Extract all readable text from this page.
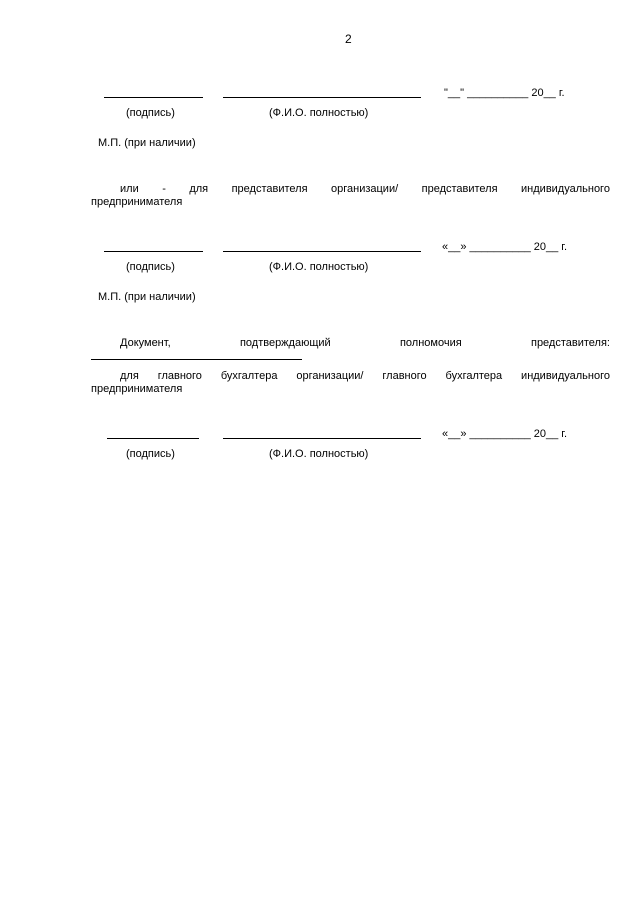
2
"__" __________ 20__ г.
(подпись)	(Ф.И.О. полностью)
М.П. (при наличии)
или - для представителя организации/ представителя индивидуального
предпринимателя
«__» __________ 20__ г.
(подпись)	(Ф.И.О. полностью)
М.П. (при наличии)
Документ,	подтверждающий	полномочия	представителя:
для главного бухгалтера организации/ главного бухгалтера индивидуального
предпринимателя
«__» __________ 20__ г.
(подпись)	(Ф.И.О. полностью)
